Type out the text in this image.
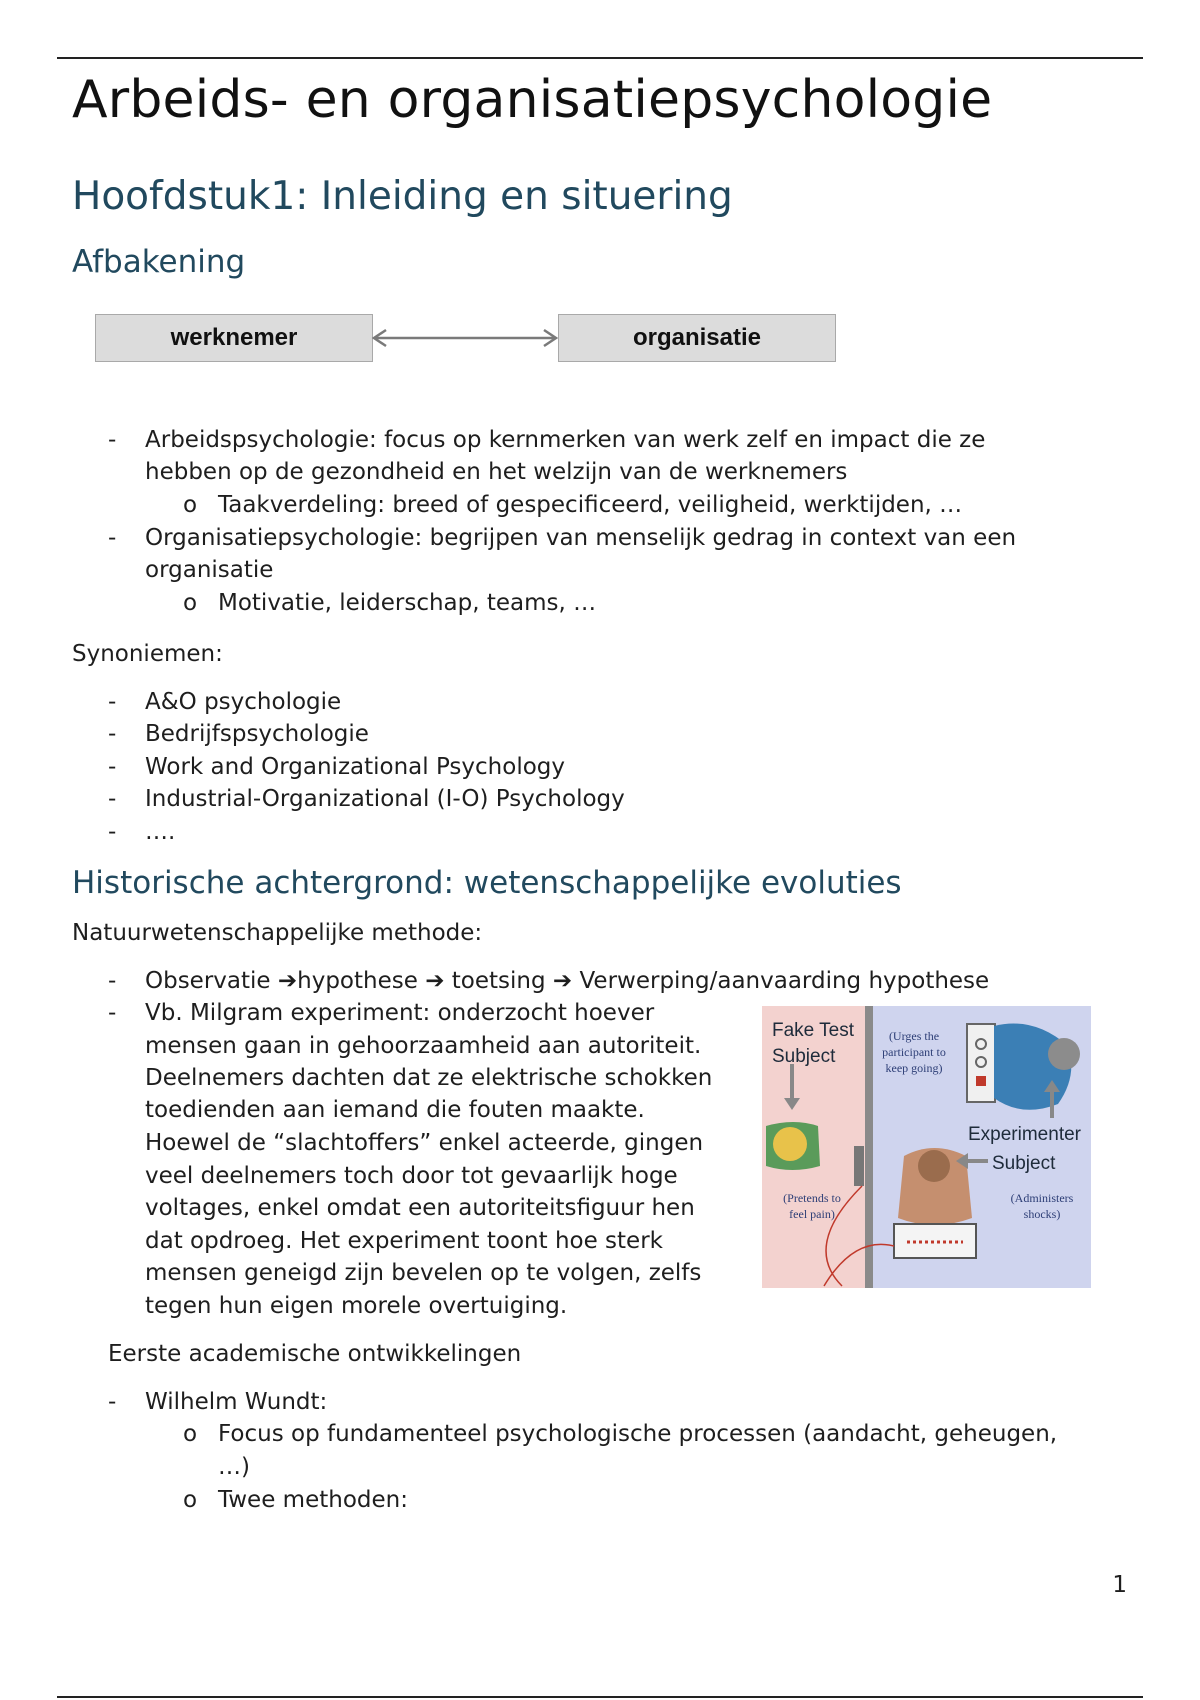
Arbeids- en organisatiepsychologie
Hoofdstuk1: Inleiding en situering
Afbakening
werknemer	organisatie
- Arbeidspsychologie: focus op kernmerken van werk zelf en impact die ze
hebben op de gezondheid en het welzijn van de werknemers
o Taakverdeling: breed of gespecificeerd, veiligheid, werktijden, …
- Organisatiepsychologie: begrijpen van menselijk gedrag in context van een
organisatie
o Motivatie, leiderschap, teams, …
Synoniemen:
- A&O psychologie
- Bedrijfspsychologie
- Work and Organizational Psychology
- Industrial-Organizational (I-O) Psychology
- ….
Historische achtergrond: wetenschappelijke evoluties
Natuurwetenschappelijke methode:
- Observatie ➔hypothese ➔ toetsing ➔ Verwerping/aanvaarding hypothese
- Vb. Milgram experiment: onderzocht hoever
mensen gaan in gehoorzaamheid aan autoriteit.
Deelnemers dachten dat ze elektrische schokken
toedienden aan iemand die fouten maakte.
Hoewel de “slachtoffers” enkel acteerde, gingen
veel deelnemers toch door tot gevaarlijk hoge
voltages, enkel omdat een autoriteitsfiguur hen
dat opdroeg. Het experiment toont hoe sterk
mensen geneigd zijn bevelen op te volgen, zelfs
tegen hun eigen morele overtuiging.
Fake Test
Subject
(Urges the
participant to
keep going)
Experimenter
Subject
(Administers
shocks)
(Pretends to
feel pain)
Eerste academische ontwikkelingen
- Wilhelm Wundt:
o Focus op fundamenteel psychologische processen (aandacht, geheugen,
…)
o Twee methoden:
1
